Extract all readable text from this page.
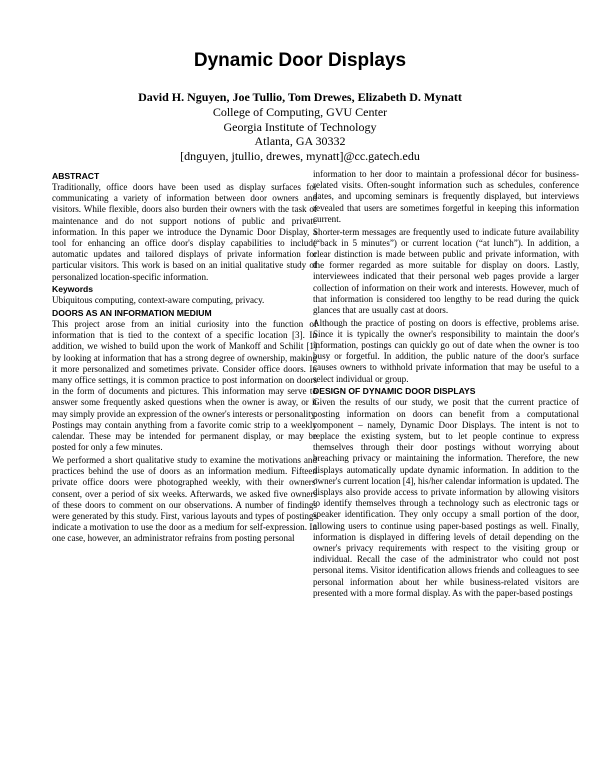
Dynamic Door Displays
David H. Nguyen, Joe Tullio, Tom Drewes, Elizabeth D. Mynatt
College of Computing, GVU Center
Georgia Institute of Technology
Atlanta, GA 30332
[dnguyen, jtullio, drewes, mynatt]@cc.gatech.edu
ABSTRACT

Traditionally, office doors have been used as display surfaces for communicating a variety of information between door owners and visitors. While flexible, doors also burden their owners with the task of maintenance and do not support notions of public and private information. In this paper we introduce the Dynamic Door Display, a tool for enhancing an office door's display capabilities to include automatic updates and tailored displays of private information for particular visitors. This work is based on an initial qualitative study of personalized location-specific information.

Keywords

Ubiquitous computing, context-aware computing, privacy.

DOORS AS AN INFORMATION MEDIUM

This project arose from an initial curiosity into the function of information that is tied to the context of a specific location [3]. In addition, we wished to build upon the work of Mankoff and Schilit [1] by looking at information that has a strong degree of ownership, making it more personalized and sometimes private. Consider office doors. In many office settings, it is common practice to post information on doors in the form of documents and pictures. This information may serve to answer some frequently asked questions when the owner is away, or it may simply provide an expression of the owner's interests or personality. Postings may contain anything from a favorite comic strip to a weekly calendar. These may be intended for permanent display, or may be posted for only a few minutes.

We performed a short qualitative study to examine the motivations and practices behind the use of doors as an information medium. Fifteen private office doors were photographed weekly, with their owners' consent, over a period of six weeks. Afterwards, we asked five owners of these doors to comment on our observations. A number of findings were generated by this study. First, various layouts and types of postings indicate a motivation to use the door as a medium for self-expression. In one case, however, an administrator refrains from posting personal

information to her door to maintain a professional décor for business-related visits. Often-sought information such as schedules, conference dates, and upcoming seminars is frequently displayed, but interviews revealed that users are sometimes forgetful in keeping this information current.

Shorter-term messages are frequently used to indicate future availability (“back in 5 minutes”) or current location (“at lunch”). In addition, a clear distinction is made between public and private information, with the former regarded as more suitable for display on doors. Lastly, interviewees indicated that their personal web pages provide a larger collection of information on their work and interests. However, much of that information is considered too lengthy to be read during the quick glances that are usually cast at doors.

Although the practice of posting on doors is effective, problems arise. Since it is typically the owner's responsibility to maintain the door's information, postings can quickly go out of date when the owner is too busy or forgetful. In addition, the public nature of the door's surface causes owners to withhold private information that may be useful to a select individual or group.

DESIGN OF DYNAMIC DOOR DISPLAYS

Given the results of our study, we posit that the current practice of posting information on doors can benefit from a computational component – namely, Dynamic Door Displays. The intent is not to replace the existing system, but to let people continue to express themselves through their door postings without worrying about breaching privacy or maintaining the information. Therefore, the new displays automatically update dynamic information. In addition to the owner's current location [4], his/her calendar information is updated. The displays also provide access to private information by allowing visitors to identify themselves through a technology such as electronic tags or speaker identification. They only occupy a small portion of the door, allowing users to continue using paper-based postings as well. Finally, information is displayed in differing levels of detail depending on the owner's privacy requirements with respect to the visiting group or individual. Recall the case of the administrator who could not post personal items. Visitor identification allows friends and colleagues to see personal information about her while business-related visitors are presented with a more formal display. As with the paper-based postings
